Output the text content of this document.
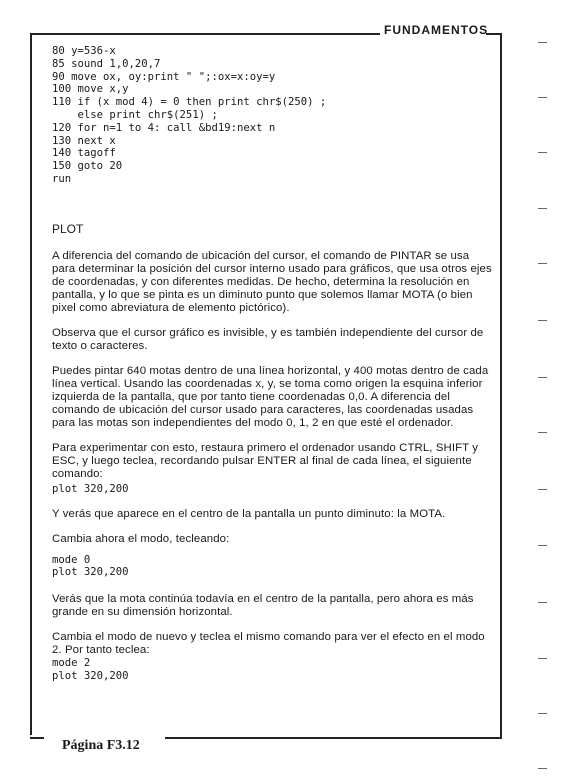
FUNDAMENTOS
80 y=536-x
85 sound 1,0,20,7
90 move ox, oy:print " ";:ox=x:oy=y
100 move x,y
110 if (x mod 4) = 0 then print chr$(250) ;
else print chr$(251) ;
120 for n=1 to 4: call &bd19:next n
130 next x
140 tagoff
150 goto 20
run

PLOT

A diferencia del comando de ubicación del cursor, el comando de PINTAR se usa para determinar la posición del cursor interno usado para gráficos, que usa otros ejes de coordenadas, y con diferentes medidas. De hecho, determina la resolución en pantalla, y lo que se pinta es un diminuto punto que solemos llamar MOTA (o bien pixel como abreviatura de elemento pictórico).

Observa que el cursor gráfico es invisible, y es también independiente del cursor de texto o caracteres.

Puedes pintar 640 motas dentro de una línea horizontal, y 400 motas dentro de cada línea vertical. Usando las coordenadas x, y, se toma como origen la esquina inferior izquierda de la pantalla, que por tanto tiene coordenadas 0,0. A diferencia del comando de ubicación del cursor usado para caracteres, las coordenadas usadas para las motas son independientes del modo 0, 1, 2 en que esté el ordenador.

Para experimentar con esto, restaura primero el ordenador usando CTRL, SHIFT y ESC, y luego teclea, recordando pulsar ENTER al final de cada línea, el siguiente comando:

plot 320,200

Y verás que aparece en el centro de la pantalla un punto diminuto: la MOTA.

Cambia ahora el modo, tecleando:

mode 0
plot 320,200

Verás que la mota continúa todavía en el centro de la pantalla, pero ahora es más grande en su dimensión horizontal.

Cambia el modo de nuevo y teclea el mismo comando para ver el efecto en el modo 2. Por tanto teclea:

mode 2
plot 320,200
Página F3.12
